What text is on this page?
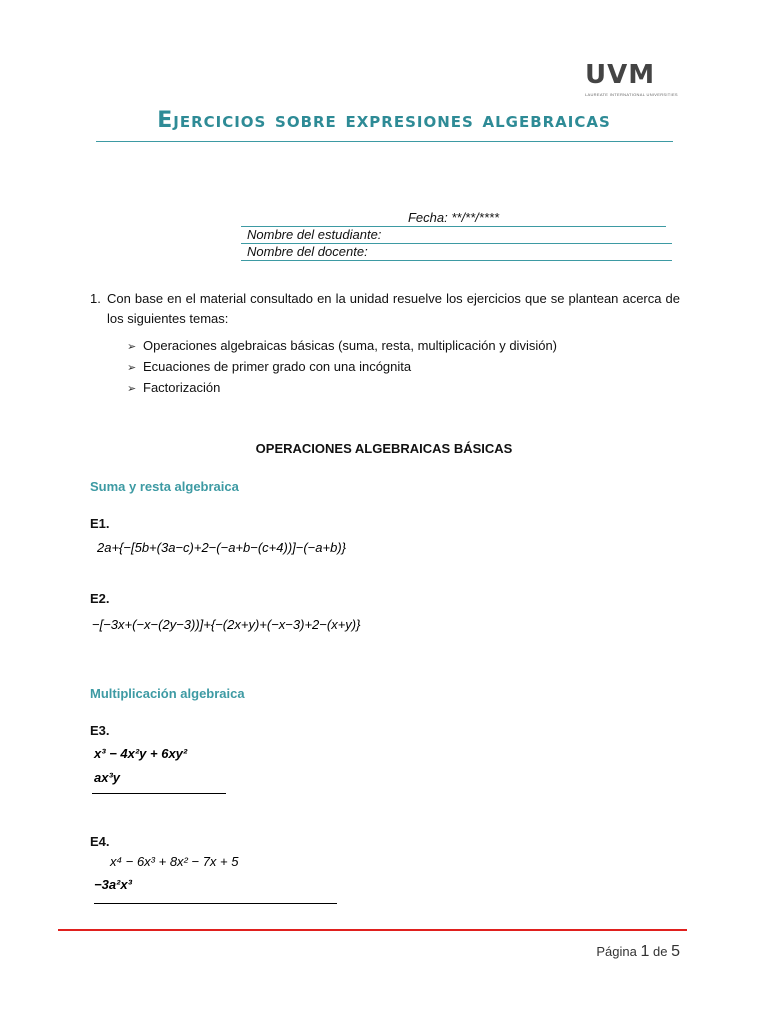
UVM
LAUREATE INTERNATIONAL UNIVERSITIES
Ejercicios sobre expresiones algebraicas
Fecha: **/**/****
Nombre del estudiante:
Nombre del docente:
1. Con base en el material consultado en la unidad resuelve los ejercicios que se plantean acerca de los siguientes temas:
➢ Operaciones algebraicas básicas (suma, resta, multiplicación y división)
➢ Ecuaciones de primer grado con una incógnita
➢ Factorización
OPERACIONES ALGEBRAICAS BÁSICAS
Suma y resta algebraica
E1.
2a+{−[5b+(3a−c)+2−(−a+b−(c+4))]−(−a+b)}
E2.
−[−3x+(−x−(2y−3))]+{−(2x+y)+(−x−3)+2−(x+y)}
Multiplicación algebraica
E3.
x³ − 4x²y + 6xy²
ax³y
E4.
x⁴ − 6x³ + 8x² − 7x + 5
−3a²x³
Página 1 de 5
